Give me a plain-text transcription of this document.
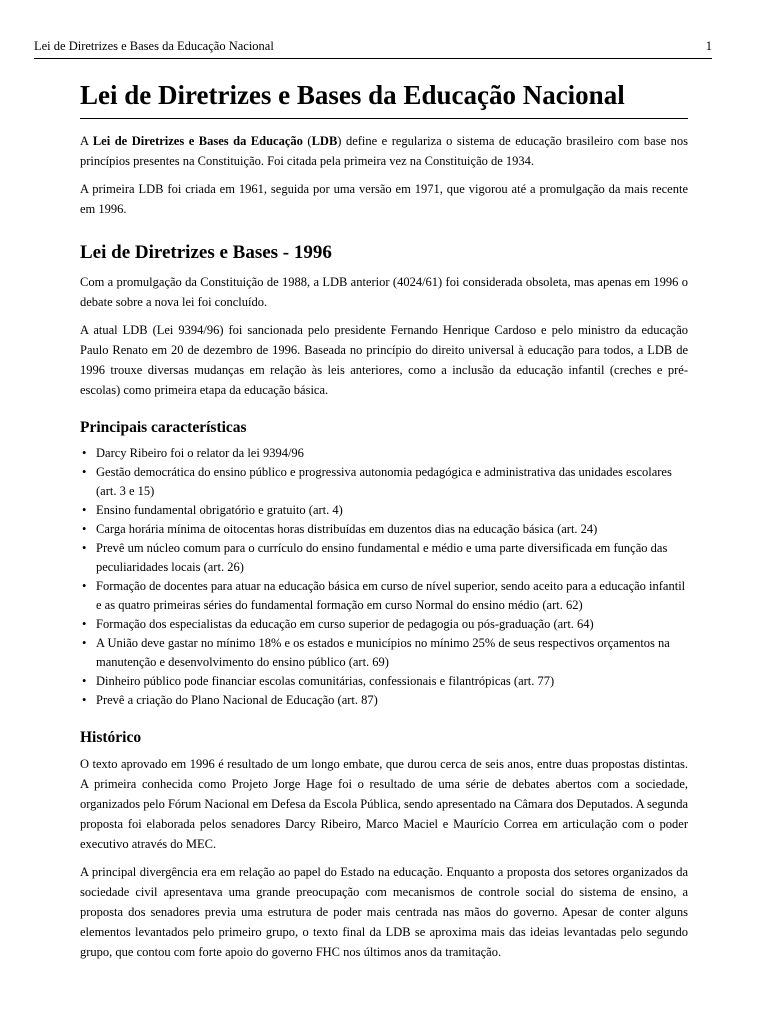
Lei de Diretrizes e Bases da Educação Nacional	1
Lei de Diretrizes e Bases da Educação Nacional

A Lei de Diretrizes e Bases da Educação (LDB) define e regulariza o sistema de educação brasileiro com base nos princípios presentes na Constituição. Foi citada pela primeira vez na Constituição de 1934.

A primeira LDB foi criada em 1961, seguida por uma versão em 1971, que vigorou até a promulgação da mais recente em 1996.

Lei de Diretrizes e Bases - 1996

Com a promulgação da Constituição de 1988, a LDB anterior (4024/61) foi considerada obsoleta, mas apenas em 1996 o debate sobre a nova lei foi concluído.

A atual LDB (Lei 9394/96) foi sancionada pelo presidente Fernando Henrique Cardoso e pelo ministro da educação Paulo Renato em 20 de dezembro de 1996. Baseada no princípio do direito universal à educação para todos, a LDB de 1996 trouxe diversas mudanças em relação às leis anteriores, como a inclusão da educação infantil (creches e pré-escolas) como primeira etapa da educação básica.

Principais características
• Darcy Ribeiro foi o relator da lei 9394/96
• Gestão democrática do ensino público e progressiva autonomia pedagógica e administrativa das unidades escolares (art. 3 e 15)
• Ensino fundamental obrigatório e gratuito (art. 4)
• Carga horária mínima de oitocentas horas distribuídas em duzentos dias na educação básica (art. 24)
• Prevê um núcleo comum para o currículo do ensino fundamental e médio e uma parte diversificada em função das peculiaridades locais (art. 26)
• Formação de docentes para atuar na educação básica em curso de nível superior, sendo aceito para a educação infantil e as quatro primeiras séries do fundamental formação em curso Normal do ensino médio (art. 62)
• Formação dos especialistas da educação em curso superior de pedagogia ou pós-graduação (art. 64)
• A União deve gastar no mínimo 18% e os estados e municípios no mínimo 25% de seus respectivos orçamentos na manutenção e desenvolvimento do ensino público (art. 69)
• Dinheiro público pode financiar escolas comunitárias, confessionais e filantrópicas (art. 77)
• Prevê a criação do Plano Nacional de Educação (art. 87)
Histórico

O texto aprovado em 1996 é resultado de um longo embate, que durou cerca de seis anos, entre duas propostas distintas. A primeira conhecida como Projeto Jorge Hage foi o resultado de uma série de debates abertos com a sociedade, organizados pelo Fórum Nacional em Defesa da Escola Pública, sendo apresentado na Câmara dos Deputados. A segunda proposta foi elaborada pelos senadores Darcy Ribeiro, Marco Maciel e Maurício Correa em articulação com o poder executivo através do MEC.

A principal divergência era em relação ao papel do Estado na educação. Enquanto a proposta dos setores organizados da sociedade civil apresentava uma grande preocupação com mecanismos de controle social do sistema de ensino, a proposta dos senadores previa uma estrutura de poder mais centrada nas mãos do governo. Apesar de conter alguns elementos levantados pelo primeiro grupo, o texto final da LDB se aproxima mais das ideias levantadas pelo segundo grupo, que contou com forte apoio do governo FHC nos últimos anos da tramitação.
